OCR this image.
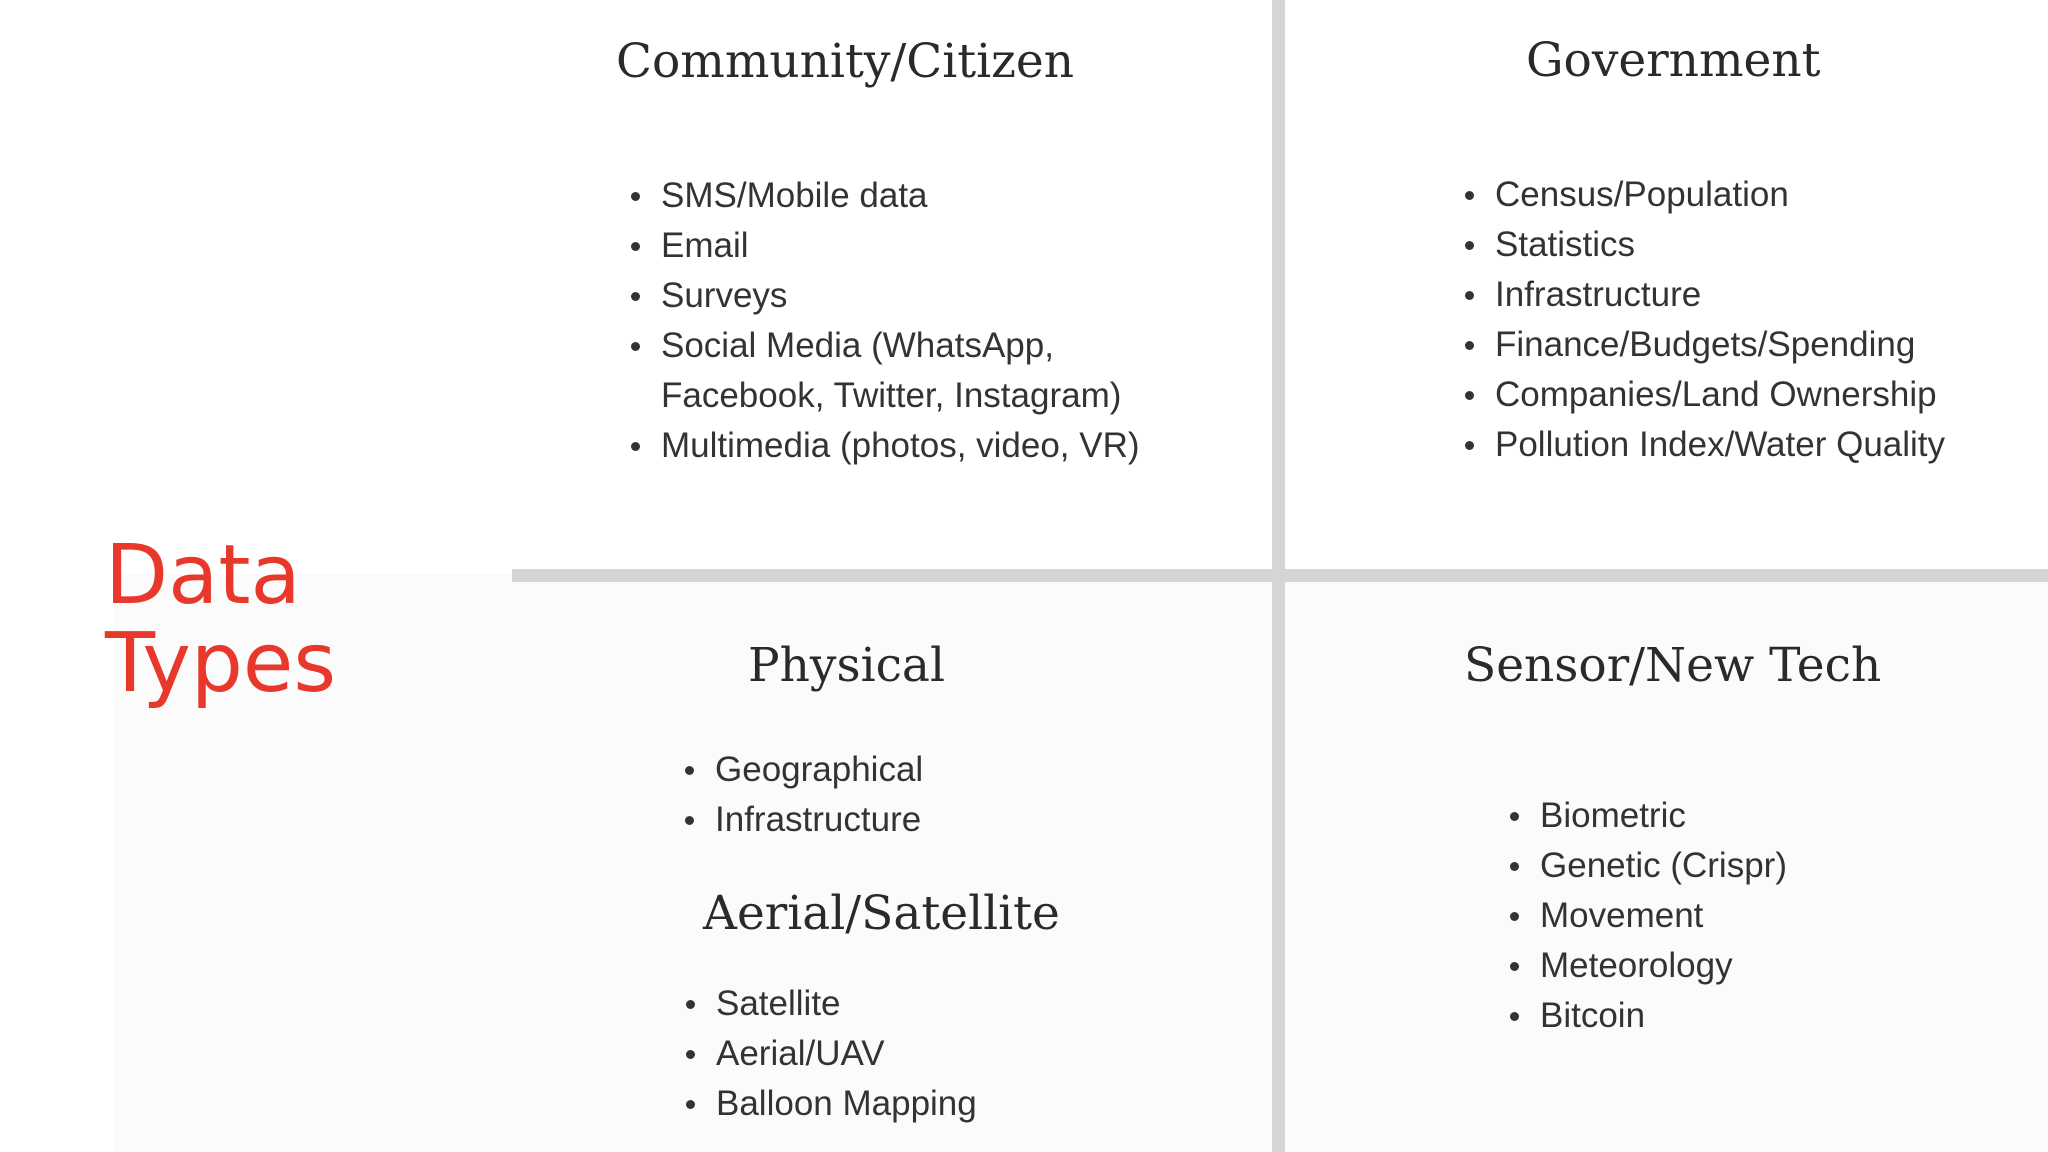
Data
Types
Community/Citizen
SMS/Mobile data
Email
Surveys
Social Media (WhatsApp,
Facebook, Twitter, Instagram)
Multimedia (photos, video, VR)
Government
Census/Population
Statistics
Infrastructure
Finance/Budgets/Spending
Companies/Land Ownership
Pollution Index/Water Quality
Physical
Geographical
Infrastructure
Aerial/Satellite
Satellite
Aerial/UAV
Balloon Mapping
Sensor/New Tech
Biometric
Genetic (Crispr)
Movement
Meteorology
Bitcoin
